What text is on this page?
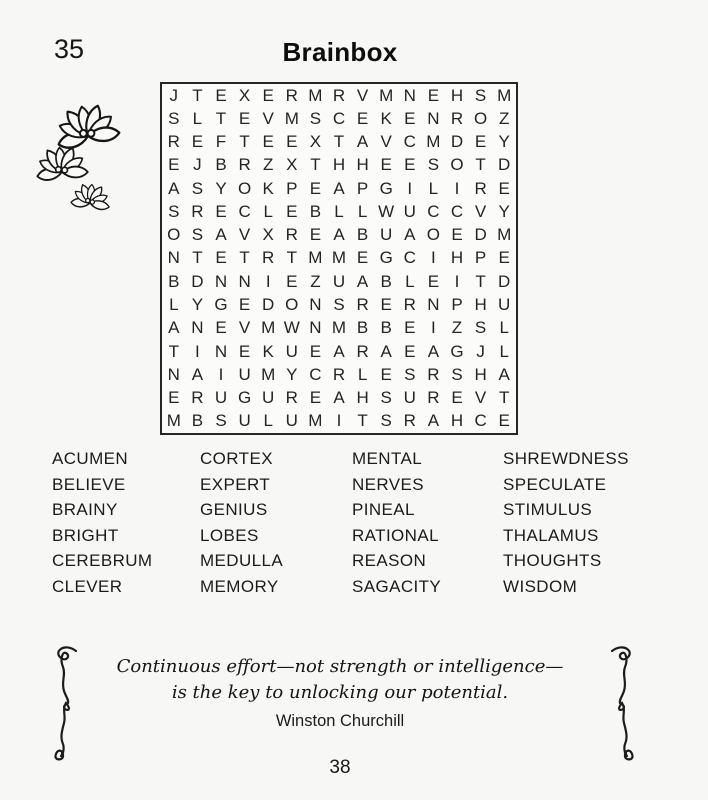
35	Brainbox
J T E X E R M R V M N E H S M
S L T E V M S C E K E N R O Z
R E F T E E X T A V C M D E Y
E J B R Z X T H H E E S O T D
A S Y O K P E A P G I L I R E
S R E C L E B L L W U C C V Y
O S A V X R E A B U A O E D M
N T E T R T M M E G C I H P E
B D N N I E Z U A B L E I T D
L Y G E D O N S R E R N P H U
A N E V M W N M B B E I Z S L
T I N E K U E A R A E A G J L
N A I U M Y C R L E S R S H A
E R U G U R E A H S U R E V T
M B S U L U M I T S R A H C E
ACUMEN
BELIEVE
BRAINY
BRIGHT
CEREBRUM
CLEVER
CORTEX
EXPERT
GENIUS
LOBES
MEDULLA
MEMORY
MENTAL
NERVES
PINEAL
RATIONAL
REASON
SAGACITY
SHREWDNESS
SPECULATE
STIMULUS
THALAMUS
THOUGHTS
WISDOM
Continuous effort—not strength or intelligence—
is the key to unlocking our potential.
Winston Churchill
38
